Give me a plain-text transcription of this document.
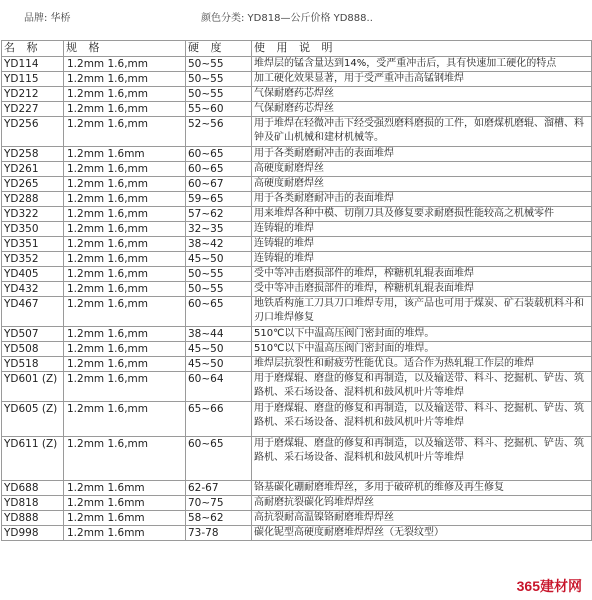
品牌: 华桥	颜色分类: YD818—公斤价格 YD888..
名 称	规 格	硬 度	使 用 说 明
YD114	1.2mm 1.6,mm	50~55	堆焊层的锰含量达到14%，受严重冲击后，具有快速加工硬化的特点
YD115	1.2mm 1.6,mm	50~55	加工硬化效果显著，用于受严重冲击高锰钢堆焊
YD212	1.2mm 1.6,mm	50~55	气保耐磨药芯焊丝
YD227	1.2mm 1.6,mm	55~60	气保耐磨药芯焊丝
YD256	1.2mm 1.6,mm	52~56	用于堆焊在轻微冲击下经受强烈磨料磨损的工件，如磨煤机磨辊、溜槽、料钟及矿山机械和建材机械等。
YD258	1.2mm 1.6mm	60~65	用于各类耐磨耐冲击的表面堆焊
YD261	1.2mm 1.6,mm	60~65	高硬度耐磨焊丝
YD265	1.2mm 1.6,mm	60~67	高硬度耐磨焊丝
YD288	1.2mm 1.6,mm	59~65	用于各类耐磨耐冲击的表面堆焊
YD322	1.2mm 1.6,mm	57~62	用来堆焊各种中模、切削刀具及修复要求耐磨损性能较高之机械零件
YD350	1.2mm 1.6,mm	32~35	连铸辊的堆焊
YD351	1.2mm 1.6,mm	38~42	连铸辊的堆焊
YD352	1.2mm 1.6,mm	45~50	连铸辊的堆焊
YD405	1.2mm 1.6,mm	50~55	受中等冲击磨损部件的堆焊，榨糖机轧辊表面堆焊
YD432	1.2mm 1.6,mm	50~55	受中等冲击磨损部件的堆焊，榨糖机轧辊表面堆焊
YD467	1.2mm 1.6,mm	60~65	地铁盾构施工刀具刀口堆焊专用，该产品也可用于煤炭、矿石装载机料斗和刃口堆焊修复
YD507	1.2mm 1.6,mm	38~44	510℃以下中温高压阀门密封面的堆焊。
YD508	1.2mm 1.6,mm	45~50	510℃以下中温高压阀门密封面的堆焊。
YD518	1.2mm 1.6,mm	45~50	堆焊层抗裂性和耐疲劳性能优良。适合作为热轧辊工作层的堆焊
YD601 (Z)	1.2mm 1.6,mm	60~64	用于磨煤辊、磨盘的修复和再制造，以及输送带、料斗、挖掘机、铲齿、筑路机、采石场设备、混料机和鼓风机叶片等堆焊
YD605 (Z)	1.2mm 1.6,mm	65~66	用于磨煤辊、磨盘的修复和再制造，以及输送带、料斗、挖掘机、铲齿、筑路机、采石场设备、混料机和鼓风机叶片等堆焊
YD611 (Z)	1.2mm 1.6,mm	60~65	用于磨煤辊、磨盘的修复和再制造，以及输送带、料斗、挖掘机、铲齿、筑路机、采石场设备、混料机和鼓风机叶片等堆焊
YD688	1.2mm 1.6mm	62-67	铬基碳化硼耐磨堆焊丝，多用于破碎机的维修及再生修复
YD818	1.2mm 1.6mm	70~75	高耐磨抗裂碳化钨堆焊焊丝
YD888	1.2mm 1.6mm	58~62	高抗裂耐高温镍铬耐磨堆焊焊丝
YD998	1.2mm 1.6mm	73-78	碳化铌型高硬度耐磨堆焊焊丝（无裂纹型）
365建材网
